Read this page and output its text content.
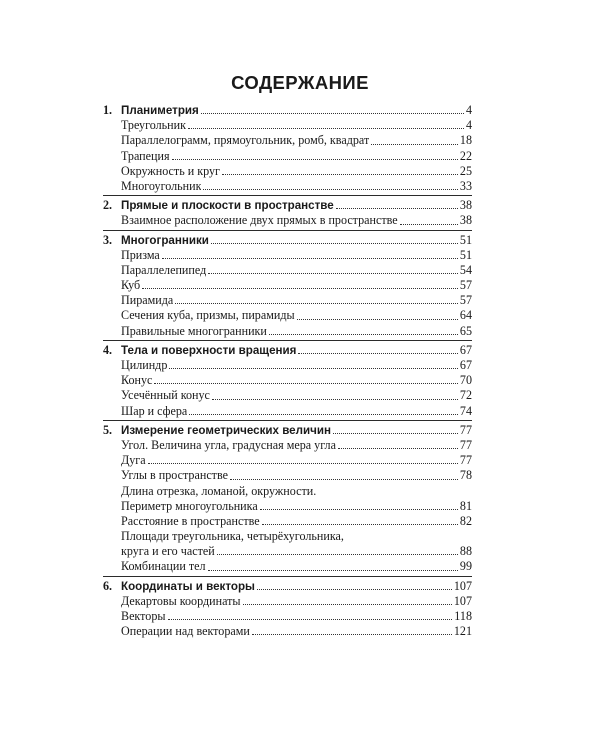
СОДЕРЖАНИЕ
1. Планиметрия	4
Треугольник	4
Параллелограмм, прямоугольник, ромб, квадрат	18
Трапеция	22
Окружность и круг	25
Многоугольник	33
2. Прямые и плоскости в пространстве	38
Взаимное расположение двух прямых в пространстве	38
3. Многогранники	51
Призма	51
Параллелепипед	54
Куб	57
Пирамида	57
Сечения куба, призмы, пирамиды	64
Правильные многогранники	65
4. Тела и поверхности вращения	67
Цилиндр	67
Конус	70
Усечённый конус	72
Шар и сфера	74
5. Измерение геометрических величин	77
Угол. Величина угла, градусная мера угла	77
Дуга	77
Углы в пространстве	78
Длина отрезка, ломаной, окружности.
Периметр многоугольника	81
Расстояние в пространстве	82
Площади треугольника, четырёхугольника,
круга и его частей	88
Комбинации тел	99
6. Координаты и векторы	107
Декартовы координаты	107
Векторы	118
Операции над векторами	121
